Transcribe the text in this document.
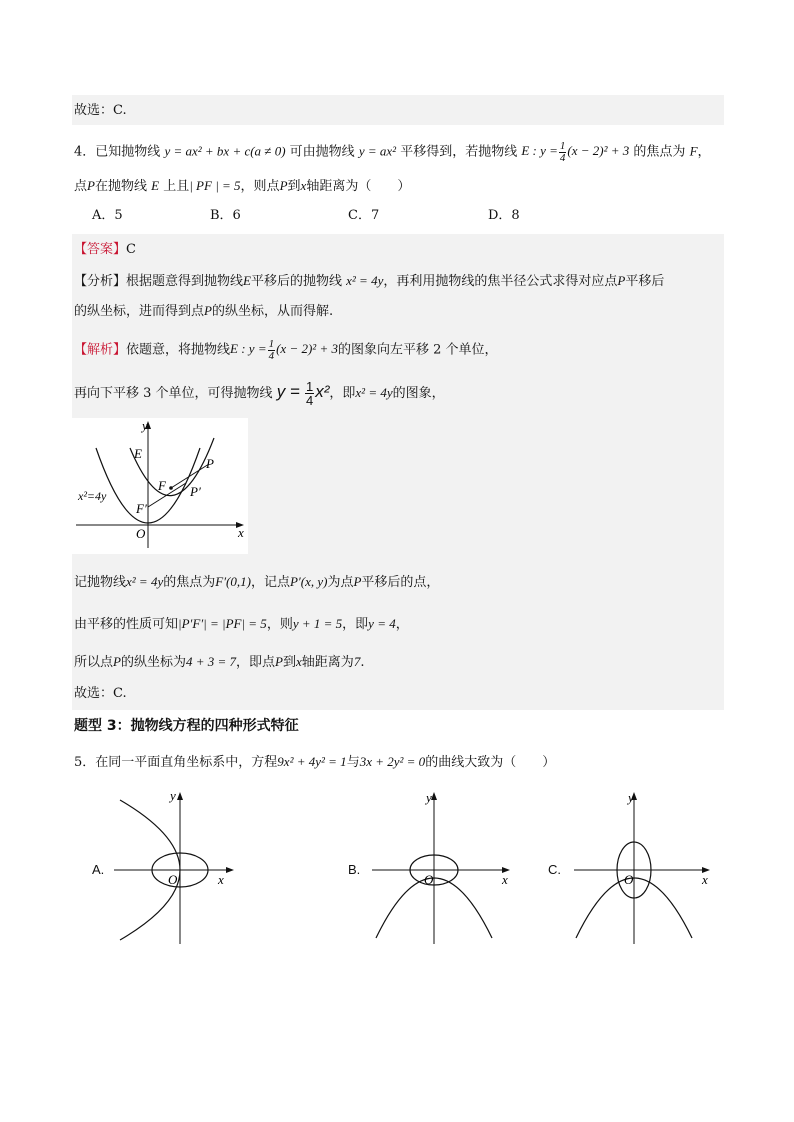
故选：C.
4．已知抛物线 y = ax² + bx + c(a ≠ 0) 可由抛物线 y = ax² 平移得到，若抛物线 E : $y = \frac{1}{4} (x - 2)^2 + 3$ 的焦点为 F，
点P在抛物线 E 上且| PF | = 5，则点P到x轴距离为（　　）
A．5	B．6	C．7	D．8
【答案】C
【分析】根据题意得到抛物线E平移后的抛物线 x² = 4y，再利用抛物线的焦半径公式求得对应点P平移后
的纵坐标，进而得到点P的纵坐标，从而得解.
【解析】依题意，将抛物线E : $y = \frac{1}{4} (x - 2)^2 + 3$的图象向左平移 2 个单位，
再向下平移 3 个单位，可得抛物线 $y = \frac{1}{4} x^2$，即x² = 4y的图象，
y
x
O
E
P
F P′
F′
x²=4y
记抛物线x² = 4y的焦点为F′(0,1)，记点P′(x, y)为点P平移后的点，
由平移的性质可知|P′F′| = |PF| = 5，则y + 1 = 5，即y = 4，
所以点P的纵坐标为4 + 3 = 7，即点P到x轴距离为7.
故选：C.
题型 3：抛物线方程的四种形式特征
5．在同一平面直角坐标系中，方程9x² + 4y² = 1与3x + 2y² = 0的曲线大致为（　　）
A.
y
x
O
B.
y
x
O
C.
y
x
O
